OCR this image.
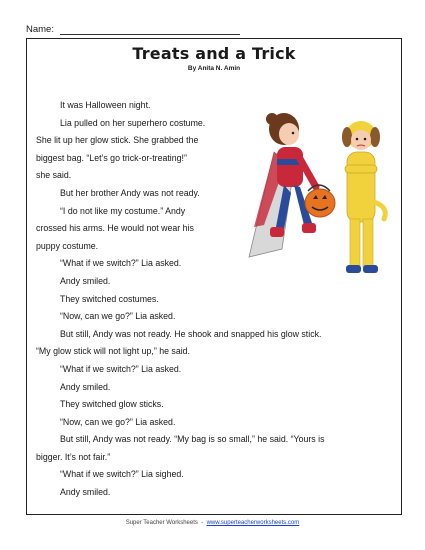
Name:
Treats and a Trick
By Anita N. Amin

It was Halloween night.

Lia pulled on her superhero costume.

She lit up her glow stick. She grabbed the

biggest bag. “Let’s go trick-or-treating!”

she said.

But her brother Andy was not ready.

“I do not like my costume.” Andy

crossed his arms. He would not wear his

puppy costume.

“What if we switch?” Lia asked.

Andy smiled.

They switched costumes.

“Now, can we go?” Lia asked.

But still, Andy was not ready. He shook and snapped his glow stick.

“My glow stick will not light up,” he said.

“What if we switch?” Lia asked.

Andy smiled.

They switched glow sticks.

“Now, can we go?” Lia asked.

But still, Andy was not ready. “My bag is so small,” he said. “Yours is

bigger. It’s not fair.”

“What if we switch?” Lia sighed.

Andy smiled.

Super Teacher Worksheets - www.superteacherworksheets.com
